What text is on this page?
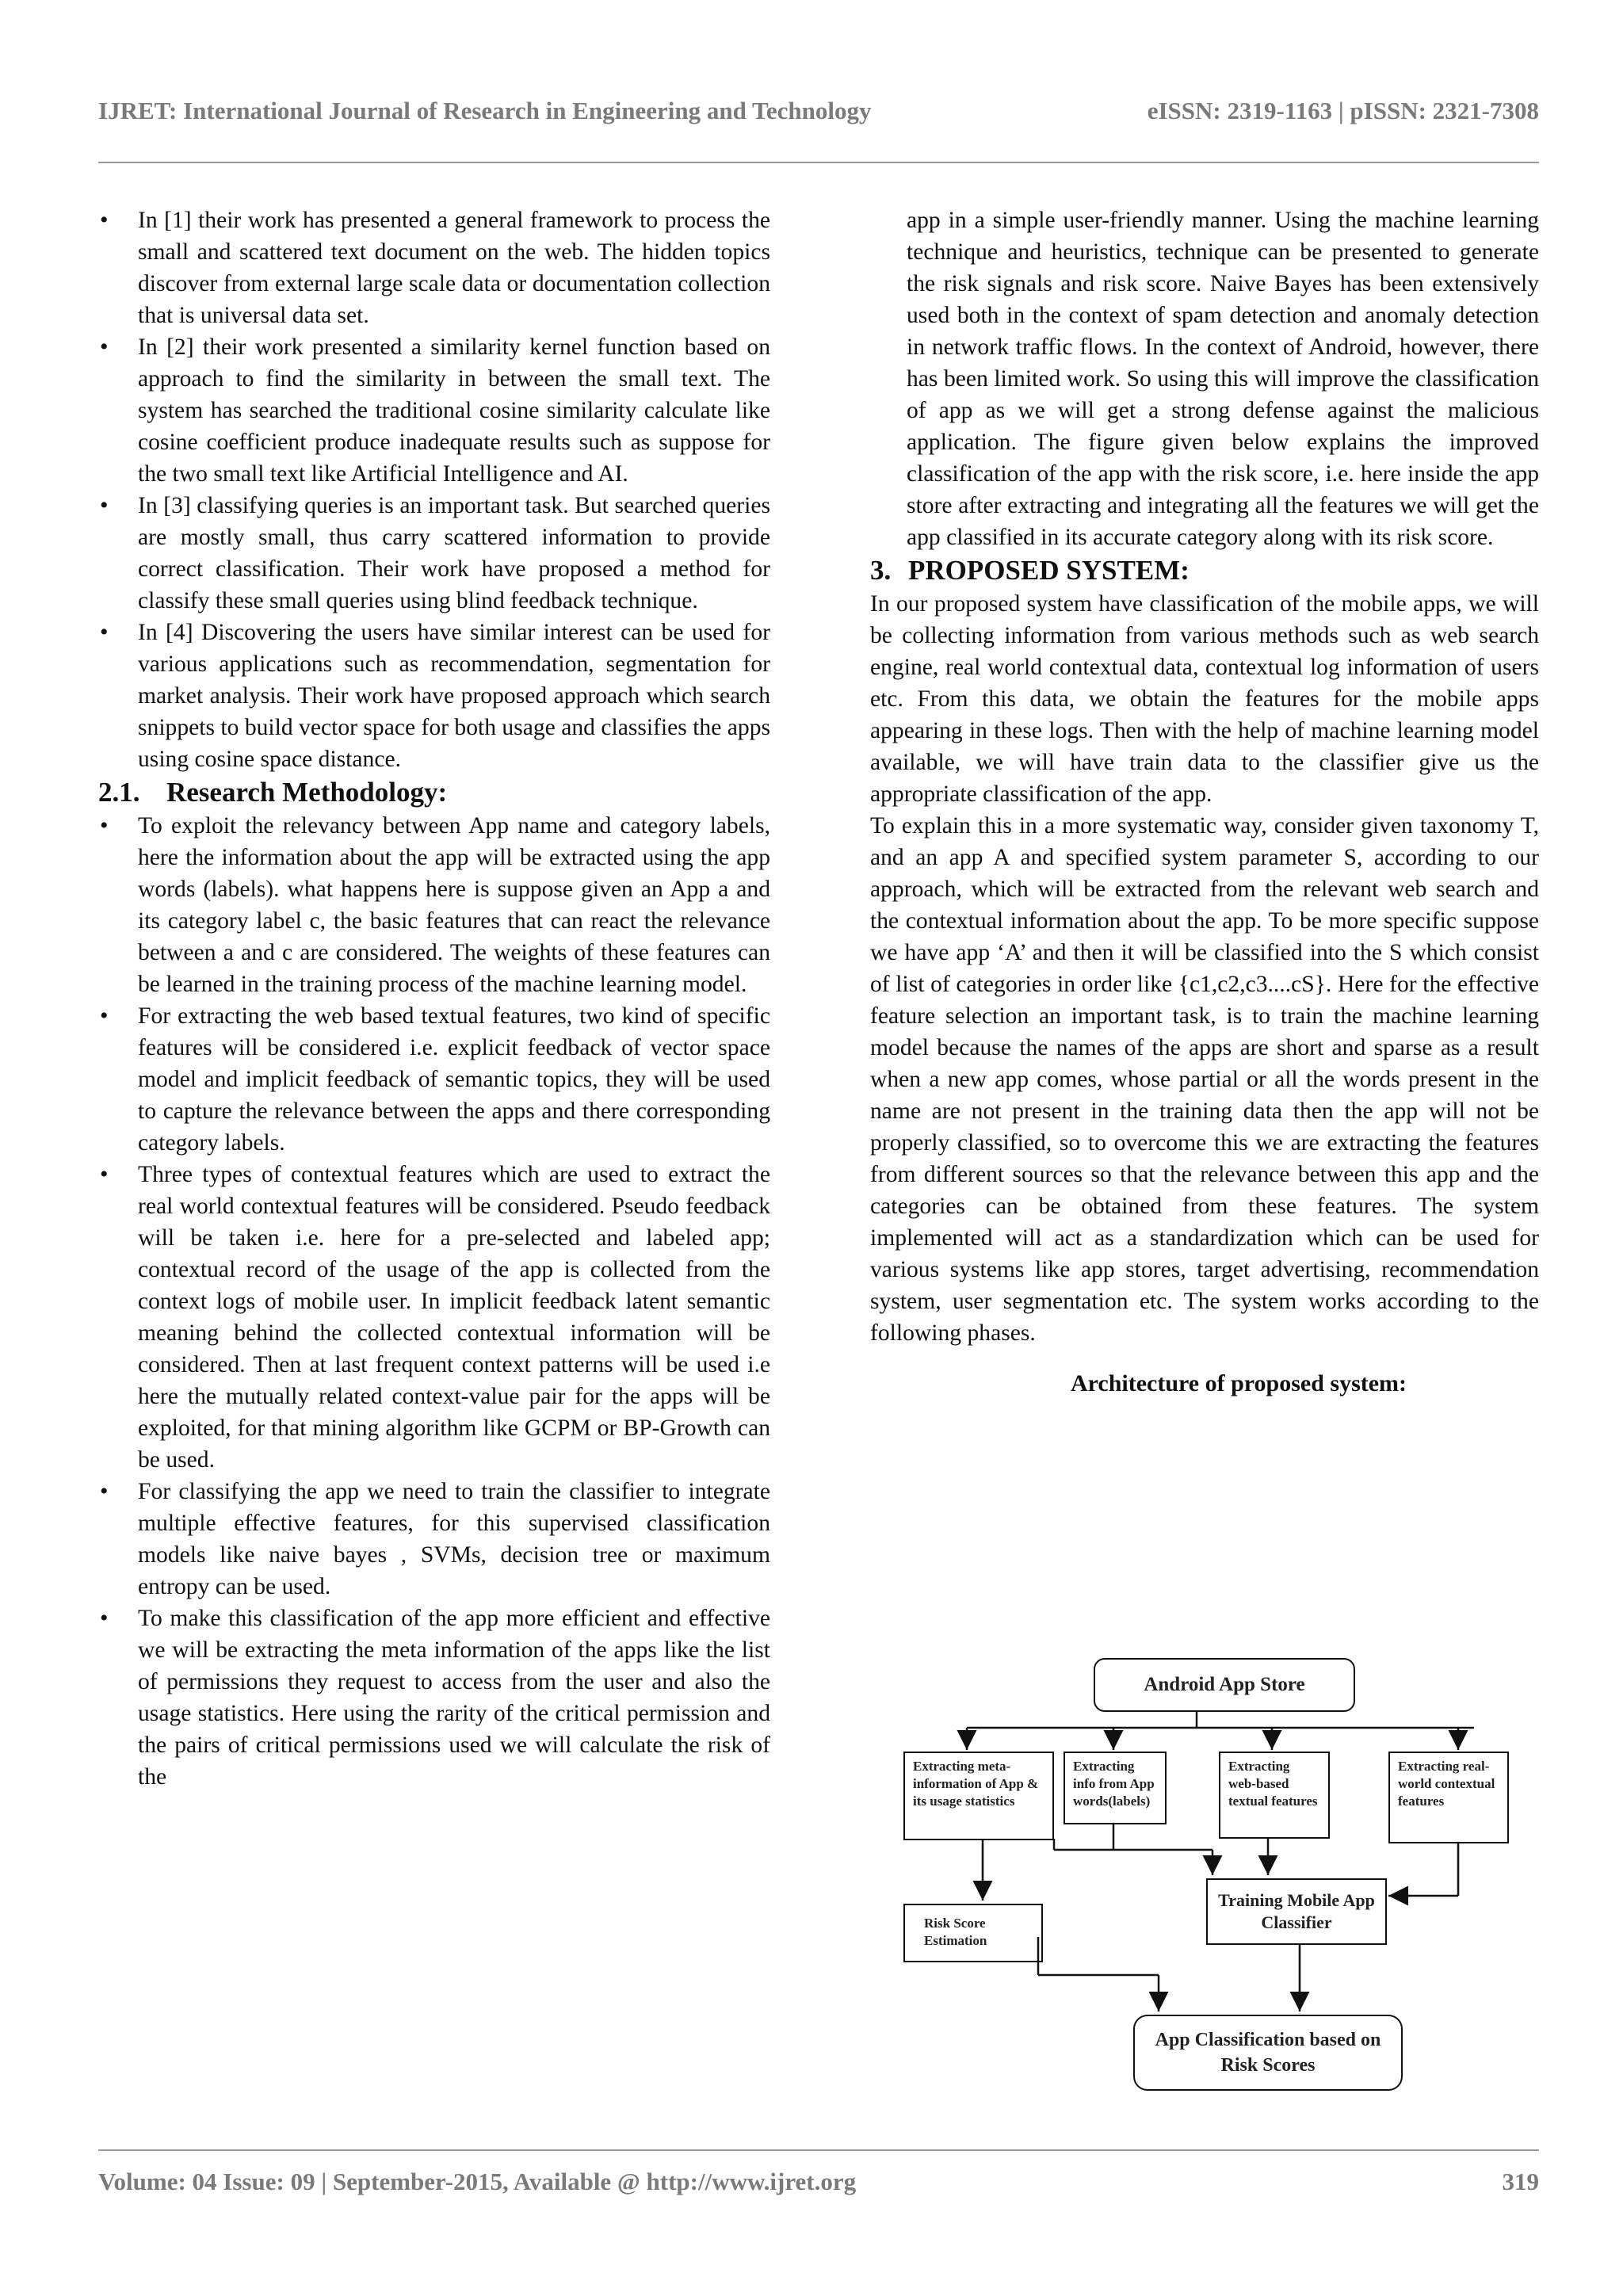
IJRET: International Journal of Research in Engineering and Technology	eISSN: 2319-1163 | pISSN: 2321-7308
• In [1] their work has presented a general framework to process the small and scattered text document on the web. The hidden topics discover from external large scale data or documentation collection that is universal data set.
• In [2] their work presented a similarity kernel function based on approach to find the similarity in between the small text. The system has searched the traditional cosine similarity calculate like cosine coefficient produce inadequate results such as suppose for the two small text like Artificial Intelligence and AI.
• In [3] classifying queries is an important task. But searched queries are mostly small, thus carry scattered information to provide correct classification. Their work have proposed a method for classify these small queries using blind feedback technique.
• In [4] Discovering the users have similar interest can be used for various applications such as recommendation, segmentation for market analysis. Their work have proposed approach which search snippets to build vector space for both usage and classifies the apps using cosine space distance.
2.1. Research Methodology:
• To exploit the relevancy between App name and category labels, here the information about the app will be extracted using the app words (labels). what happens here is suppose given an App a and its category label c, the basic features that can react the relevance between a and c are considered. The weights of these features can be learned in the training process of the machine learning model.
• For extracting the web based textual features, two kind of specific features will be considered i.e. explicit feedback of vector space model and implicit feedback of semantic topics, they will be used to capture the relevance between the apps and there corresponding category labels.
• Three types of contextual features which are used to extract the real world contextual features will be considered. Pseudo feedback will be taken i.e. here for a pre-selected and labeled app; contextual record of the usage of the app is collected from the context logs of mobile user. In implicit feedback latent semantic meaning behind the collected contextual information will be considered. Then at last frequent context patterns will be used i.e here the mutually related context-value pair for the apps will be exploited, for that mining algorithm like GCPM or BP-Growth can be used.
• For classifying the app we need to train the classifier to integrate multiple effective features, for this supervised classification models like naive bayes , SVMs, decision tree or maximum entropy can be used.
• To make this classification of the app more efficient and effective we will be extracting the meta information of the apps like the list of permissions they request to access from the user and also the usage statistics. Here using the rarity of the critical permission and the pairs of critical permissions used we will calculate the risk of the

app in a simple user-friendly manner. Using the machine learning technique and heuristics, technique can be presented to generate the risk signals and risk score. Naive Bayes has been extensively used both in the context of spam detection and anomaly detection in network traffic flows. In the context of Android, however, there has been limited work. So using this will improve the classification of app as we will get a strong defense against the malicious application. The figure given below explains the improved classification of the app with the risk score, i.e. here inside the app store after extracting and integrating all the features we will get the app classified in its accurate category along with its risk score.

3. PROPOSED SYSTEM:

In our proposed system have classification of the mobile apps, we will be collecting information from various methods such as web search engine, real world contextual data, contextual log information of users etc. From this data, we obtain the features for the mobile apps appearing in these logs. Then with the help of machine learning model available, we will have train data to the classifier give us the appropriate classification of the app.

To explain this in a more systematic way, consider given taxonomy T, and an app A and specified system parameter S, according to our approach, which will be extracted from the relevant web search and the contextual information about the app. To be more specific suppose we have app ‘A’ and then it will be classified into the S which consist of list of categories in order like {c1,c2,c3....cS}. Here for the effective feature selection an important task, is to train the machine learning model because the names of the apps are short and sparse as a result when a new app comes, whose partial or all the words present in the name are not present in the training data then the app will not be properly classified, so to overcome this we are extracting the features from different sources so that the relevance between this app and the categories can be obtained from these features. The system implemented will act as a standardization which can be used for various systems like app stores, target advertising, recommendation system, user segmentation etc. The system works according to the following phases.

Architecture of proposed system:
Android App Store
Extracting meta-information of App & its usage statistics
Extracting info from App words(labels)
Extracting web-based textual features
Extracting real-world contextual features
Risk Score Estimation
Training Mobile App Classifier
App Classification based on Risk Scores
Volume: 04 Issue: 09 | September-2015, Available @ http://www.ijret.org	319
